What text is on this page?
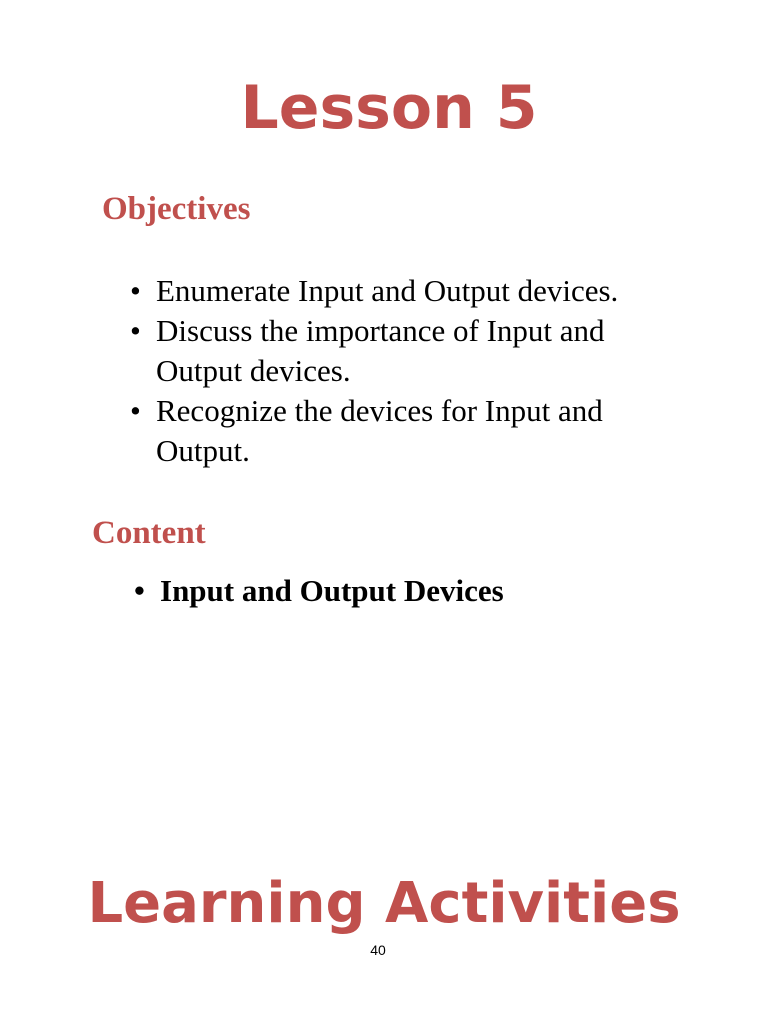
Lesson 5
Objectives
• Enumerate Input and Output devices.
• Discuss the importance of Input and Output devices.
• Recognize the devices for Input and Output.
Content
• Input and Output Devices
Learning Activities
40
